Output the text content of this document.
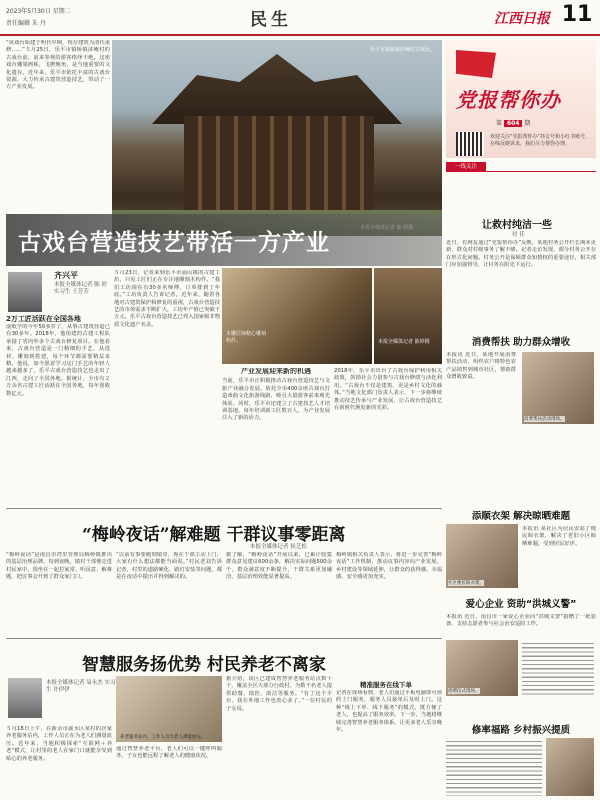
2023年5月30日 星期二
责任编辑 朱 丹	民生	江西日报 11
“该戏台始建于明代中期，现存建筑为清代重修……”５月25日，乐平市镇桥镇浒崦村的古戏台前，前来参观的游客络绎不绝。这座戏台雕梁画栋，飞檐翘角，是当地重要的文化遗存。近年来，乐平市依托丰富的古戏台资源，大力传承古建筑营造技艺，带动了一方产业发展。
乐平市镇桥镇浒崦村古戏台。
古戏台营造技艺带活一方产业
齐兴平
本报全媒体记者 陈 婷 实习生 王芳芳
2万工匠活跃在全国各地
南歌学的今年50多岁了，从事古建筑营造已有30多年。2018年，他组建的古建工程队承接了省内外多个古戏台修复项目。在他看来，古戏台营造是一门精细的手艺，从选材、雕刻到搭建，每个环节都需要精益求精。他说，如今愿意学习这门手艺的年轻人越来越多了，乐平古戏台营造技艺也走出了江西，走向了全国各地。据统计，全市有２万余名古建工匠活跃在全国各地，每年创收数亿元。
５月23日，记者来到乐平市涌山镇的古建工坊，只见工匠们正在专注地雕刻木构件。“我们工坊现在有30多名师傅，订单排到了年底。”工坊负责人告诉记者，近年来，随着各地对古建筑保护和修复的重视，古戏台营造技艺的市场需求不断扩大，工坊年产值已突破千万元。乐平古戏台营造技艺已列入国家级非物质文化遗产名录。
木雕匠师精心雕刻构件。	本报全媒体记者 陈婷摄
产业发展迎来新的机遇
当前，乐平市正积极推动古戏台营造技艺与文旅产业融合发展，依托全市400余座古戏台打造戏曲文化旅游线路，吸引大量游客前来观光体验。同时，乐平市还建立了古建技艺人才培训基地，每年培训新工匠数百人，为产业发展注入了新的活力。
2018年，乐平市出台了古戏台保护利用相关政策，鼓励社会力量参与古戏台修缮与活化利用。“古戏台不仅是建筑，更是乡村文化的载体。”当地文化部门负责人表示，下一步将继续推动技艺传承与产业发展，让古戏台营造技艺在新时代焕发新的光彩。
“梅岭夜话”解难题 干群议事零距离
本报全媒体记者 侯艺松
“梅岭夜话”是南昌市湾里管理局梅岭镇推出的基层治理品牌。每到夜晚，镇村干部便走进村民家中，围坐在一起拉家常、听民意、解难题，把议事会开到了群众家门口。
“以前有事要跑到镇里，现在干部主动上门，大家有什么想法都能当面说。”村民老刘告诉记者，村里的道路硬化、路灯安装等问题，都是在夜话中提出并得到解决的。
据了解，“梅岭夜话”开展以来，已累计收集群众意见建议600余条，解决实际问题500余个，群众满意度不断提升，干群关系更加融洽，基层治理效能显著提高。
梅岭镇相关负责人表示，将进一步完善“梅岭夜话”工作机制，推动议事内容向产业发展、乡村建设等领域延伸，让群众的获得感、幸福感、安全感更加充实。
智慧服务扬优势 村民养老不离家
本报全媒体记者 易永杰 实习生 许伊伊
５月18日上午，在新余市渝水区某村的居家养老服务站内，工作人员正在为老人们测量血压。近年来，当地积极探索“互联网＋养老”模式，让村里的老人在家门口就能享受到贴心的养老服务。
养老服务站内，工作人员为老人测量血压。
通过智慧养老平台，老人们可以一键呼叫服务，子女也能远程了解老人的健康状况。
据介绍，该区已建成智慧养老服务站点数十个，覆盖全区大部分行政村，为数千名老人提供助餐、助医、助洁等服务。“有了这个平台，我在外地工作也放心多了。”一位村民的子女说。
精准服务在线下单
记者在现场看到，老人们通过平板电脑即可预约上门服务，服务人员接单后及时上门。这种“线上下单、线下服务”的模式，既方便了老人，也提高了服务效率。下一步，当地将继续完善智慧养老服务体系，让更多老人乐享晚年。
党报帮你办
第 604 期
欢迎关注“党报帮你办”抖音号和小红书账号，在线反映诉求，我们尽力帮你办理。
一线关注
让救村纯洁一些
付 佳
近日，有网友通过“党报帮你办”反映，某地村务公开栏长期未更新，群众对村级事务了解不够。记者走访发现，部分村务公开存在形式化问题。村务公开是保障群众知情权的重要途径，相关部门应加强督导，让村务在阳光下运行。
消费帮扶 助力群众增收
本报讯 近日，某地开展消费帮扶活动，组织农户将特色农产品销售到城市社区，帮助群众增收致富。
消费帮扶活动现场。
添顺衣架 解决晾晒难题
本报讯 某社区为居民安装了便民晾衣架，解决了老旧小区晾晒难题，受到居民好评。
社区便民晾衣架。
爱心企业 资助“洪城义警”
本报讯 近日，南昌市一家爱心企业向“洪城义警”捐赠了一批装备，支持志愿者参与社会治安巡防工作。
捐赠仪式现场。
修率福路 乡村振兴提质
